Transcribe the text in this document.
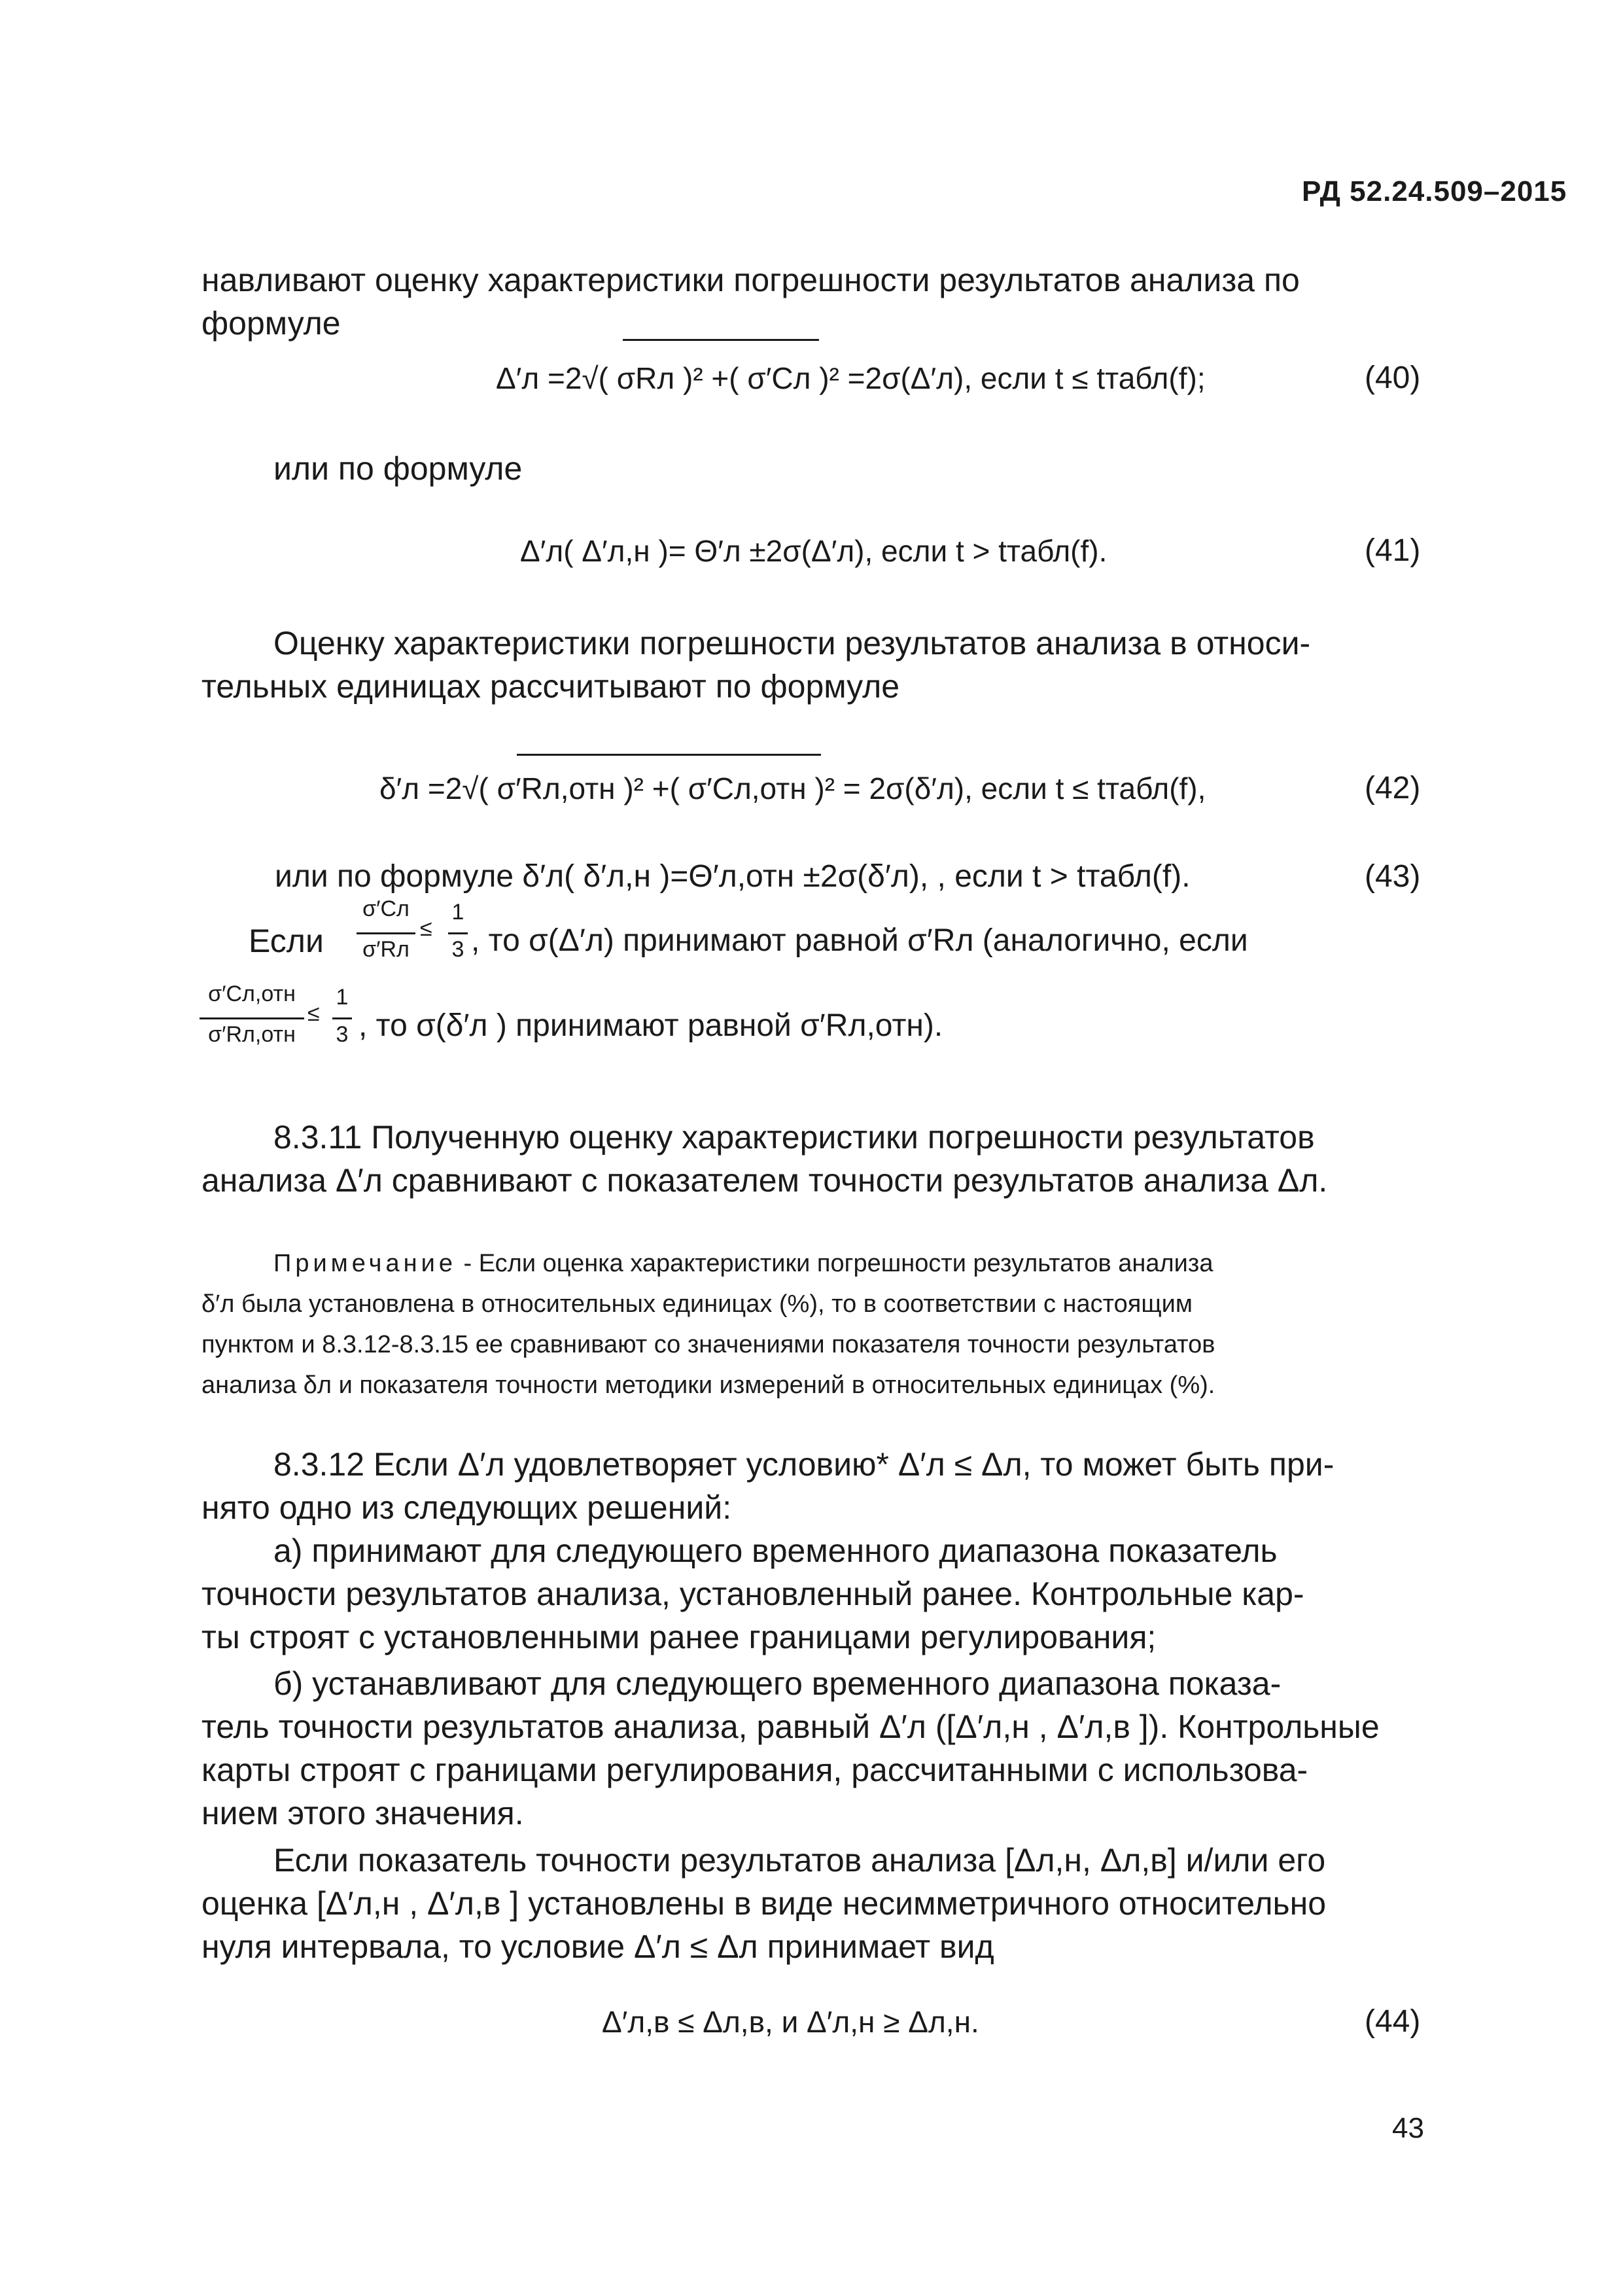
РД 52.24.509–2015
навливают оценку характеристики погрешности результатов анализа по
формуле
Δ′л =2√( σRл )² +( σ′Cл )² =2σ(Δ′л), если t ≤ tтабл(f);	(40)
или по формуле
Δ′л( Δ′л,н )= Θ′л ±2σ(Δ′л), если t > tтабл(f).	(41)
Оценку характеристики погрешности результатов анализа в относи-
тельных единицах рассчитывают по формуле
δ′л =2√( σ′Rл,отн )² +( σ′Cл,отн )² = 2σ(δ′л), если t ≤ tтабл(f),	(42)
или по формуле δ′л( δ′л,н )=Θ′л,отн ±2σ(δ′л), , если t > tтабл(f).	(43)
Если
σ′Cл
σ′Rл
≤
1
3 , то σ(Δ′л) принимают равной σ′Rл (аналогично, если
σ′Cл,отн
σ′Rл,отн
≤
1
3 , то σ(δ′л ) принимают равной σ′Rл,отн).
8.3.11 Полученную оценку характеристики погрешности результатов
анализа Δ′л сравнивают с показателем точности результатов анализа Δл.
Примечание - Если оценка характеристики погрешности результатов анализа
δ′л была установлена в относительных единицах (%), то в соответствии с настоящим
пунктом и 8.3.12-8.3.15 ее сравнивают со значениями показателя точности результатов
анализа δл и показателя точности методики измерений в относительных единицах (%).
8.3.12 Если Δ′л удовлетворяет условию* Δ′л ≤ Δл, то может быть при-
нято одно из следующих решений:
а) принимают для следующего временного диапазона показатель
точности результатов анализа, установленный ранее. Контрольные кар-
ты строят с установленными ранее границами регулирования;
б) устанавливают для следующего временного диапазона показа-
тель точности результатов анализа, равный Δ′л ([Δ′л,н , Δ′л,в ]). Контрольные
карты строят с границами регулирования, рассчитанными с использова-
нием этого значения.
Если показатель точности результатов анализа [Δл,н, Δл,в] и/или его
оценка [Δ′л,н , Δ′л,в ] установлены в виде несимметричного относительно
нуля интервала, то условие Δ′л ≤ Δл принимает вид
Δ′л,в ≤ Δл,в, и Δ′л,н ≥ Δл,н.	(44)
43
